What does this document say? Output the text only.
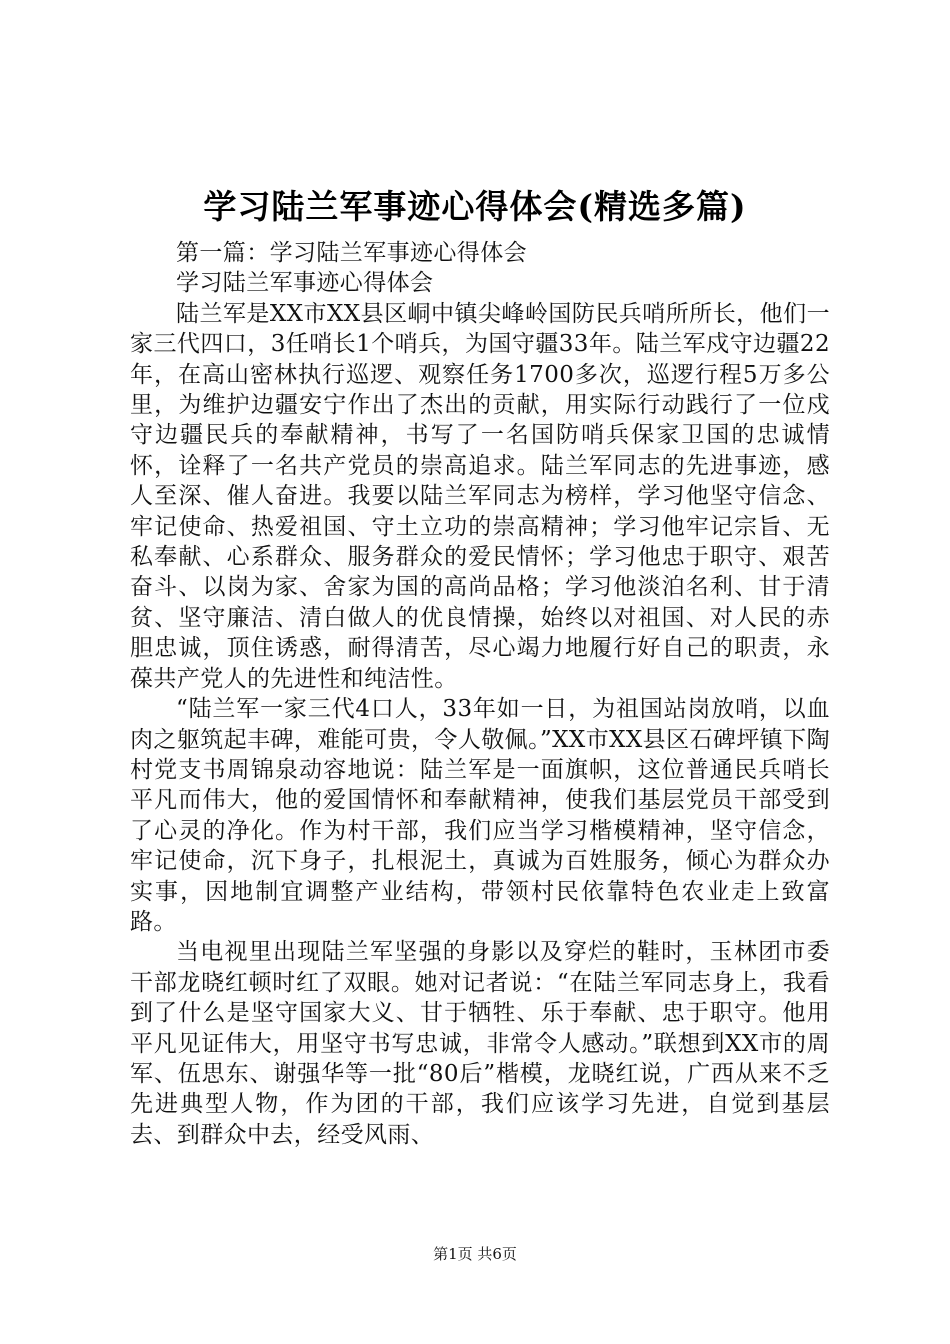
学习陆兰军事迹心得体会(精选多篇)

第一篇：学习陆兰军事迹心得体会

学习陆兰军事迹心得体会

陆兰军是XX市XX县区峒中镇尖峰岭国防民兵哨所所长，他们一家三代四口，3任哨长1个哨兵，为国守疆33年。陆兰军戍守边疆22年，在高山密林执行巡逻、观察任务1700多次，巡逻行程5万多公里，为维护边疆安宁作出了杰出的贡献，用实际行动践行了一位戍守边疆民兵的奉献精神，书写了一名国防哨兵保家卫国的忠诚情怀，诠释了一名共产党员的崇高追求。陆兰军同志的先进事迹，感人至深、催人奋进。我要以陆兰军同志为榜样，学习他坚守信念、牢记使命、热爱祖国、守土立功的崇高精神；学习他牢记宗旨、无私奉献、心系群众、服务群众的爱民情怀；学习他忠于职守、艰苦奋斗、以岗为家、舍家为国的高尚品格；学习他淡泊名利、甘于清贫、坚守廉洁、清白做人的优良情操，始终以对祖国、对人民的赤胆忠诚，顶住诱惑，耐得清苦，尽心竭力地履行好自己的职责，永葆共产党人的先进性和纯洁性。

“陆兰军一家三代4口人，33年如一日，为祖国站岗放哨，以血肉之躯筑起丰碑，难能可贵，令人敬佩。”XX市XX县区石碑坪镇下陶村党支书周锦泉动容地说：陆兰军是一面旗帜，这位普通民兵哨长平凡而伟大，他的爱国情怀和奉献精神，使我们基层党员干部受到了心灵的净化。作为村干部，我们应当学习楷模精神，坚守信念，牢记使命，沉下身子，扎根泥土，真诚为百姓服务，倾心为群众办实事，因地制宜调整产业结构，带领村民依靠特色农业走上致富路。

当电视里出现陆兰军坚强的身影以及穿烂的鞋时，玉林团市委干部龙晓红顿时红了双眼。她对记者说：“在陆兰军同志身上，我看到了什么是坚守国家大义、甘于牺牲、乐于奉献、忠于职守。他用平凡见证伟大，用坚守书写忠诚，非常令人感动。”联想到XX市的周军、伍思东、谢强华等一批“80后”楷模，龙晓红说，广西从来不乏先进典型人物，作为团的干部，我们应该学习先进，自觉到基层去、到群众中去，经受风雨、

第1页 共6页
